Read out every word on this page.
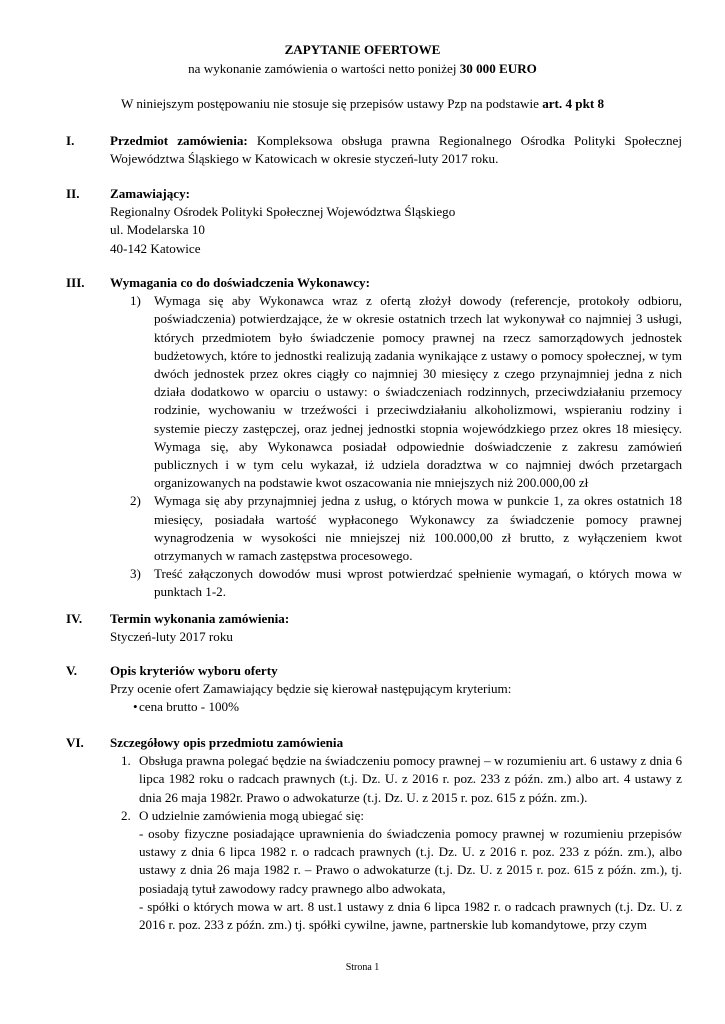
ZAPYTANIE OFERTOWE
na wykonanie zamówienia o wartości netto poniżej 30 000 EURO
W niniejszym postępowaniu nie stosuje się przepisów ustawy Pzp na podstawie art. 4 pkt 8
I.	Przedmiot zamówienia: Kompleksowa obsługa prawna Regionalnego Ośrodka Polityki Społecznej Województwa Śląskiego w Katowicach w okresie styczeń-luty 2017 roku.
II. Zamawiający:

Regionalny Ośrodek Polityki Społecznej Województwa Śląskiego

ul. Modelarska 10

40-142 Katowice

III. Wymagania co do doświadczenia Wykonawcy:

1) Wymaga się aby Wykonawca wraz z ofertą złożył dowody (referencje, protokoły odbioru, poświadczenia) potwierdzające, że w okresie ostatnich trzech lat wykonywał co najmniej 3 usługi, których przedmiotem było świadczenie pomocy prawnej na rzecz samorządowych jednostek budżetowych, które to jednostki realizują zadania wynikające z ustawy o pomocy społecznej, w tym dwóch jednostek przez okres ciągły co najmniej 30 miesięcy z czego przynajmniej jedna z nich działa dodatkowo w oparciu o ustawy: o świadczeniach rodzinnych, przeciwdziałaniu przemocy rodzinie, wychowaniu w trzeźwości i przeciwdziałaniu alkoholizmowi, wspieraniu rodziny i systemie pieczy zastępczej, oraz jednej jednostki stopnia wojewódzkiego przez okres 18 miesięcy. Wymaga się, aby Wykonawca posiadał odpowiednie doświadczenie z zakresu zamówień publicznych i w tym celu wykazał, iż udziela doradztwa w co najmniej dwóch przetargach organizowanych na podstawie kwot oszacowania nie mniejszych niż 200.000,00 zł
2) Wymaga się aby przynajmniej jedna z usług, o których mowa w punkcie 1, za okres ostatnich 18 miesięcy, posiadała wartość wypłaconego Wykonawcy za świadczenie pomocy prawnej wynagrodzenia w wysokości nie mniejszej niż 100.000,00 zł brutto, z wyłączeniem kwot otrzymanych w ramach zastępstwa procesowego.
3) Treść załączonych dowodów musi wprost potwierdzać spełnienie wymagań, o których mowa w punktach 1-2.
IV. Termin wykonania zamówienia:

Styczeń-luty 2017 roku

V.	Opis kryteriów wyboru oferty

Przy ocenie ofert Zamawiający będzie się kierował następującym kryterium:

• cena brutto - 100%
VI. Szczegółowy opis przedmiotu zamówienia

1. Obsługa prawna polegać będzie na świadczeniu pomocy prawnej – w rozumieniu art. 6 ustawy z dnia 6 lipca 1982 roku o radcach prawnych (t.j. Dz. U. z 2016 r. poz. 233 z późn. zm.) albo art. 4 ustawy z dnia 26 maja 1982r. Prawo o adwokaturze (t.j. Dz. U. z 2015 r. poz. 615 z późn. zm.).
2. O udzielnie zamówienia mogą ubiegać się:

- osoby fizyczne posiadające uprawnienia do świadczenia pomocy prawnej w rozumieniu przepisów ustawy z dnia 6 lipca 1982 r. o radcach prawnych (t.j. Dz. U. z 2016 r. poz. 233 z późn. zm.), albo ustawy z dnia 26 maja 1982 r. – Prawo o adwokaturze (t.j. Dz. U. z 2015 r. poz. 615 z późn. zm.), tj. posiadają tytuł zawodowy radcy prawnego albo adwokata,

- spółki o których mowa w art. 8 ust.1 ustawy z dnia 6 lipca 1982 r. o radcach prawnych (t.j. Dz. U. z 2016 r. poz. 233 z późn. zm.) tj. spółki cywilne, jawne, partnerskie lub komandytowe, przy czym

Strona 1
